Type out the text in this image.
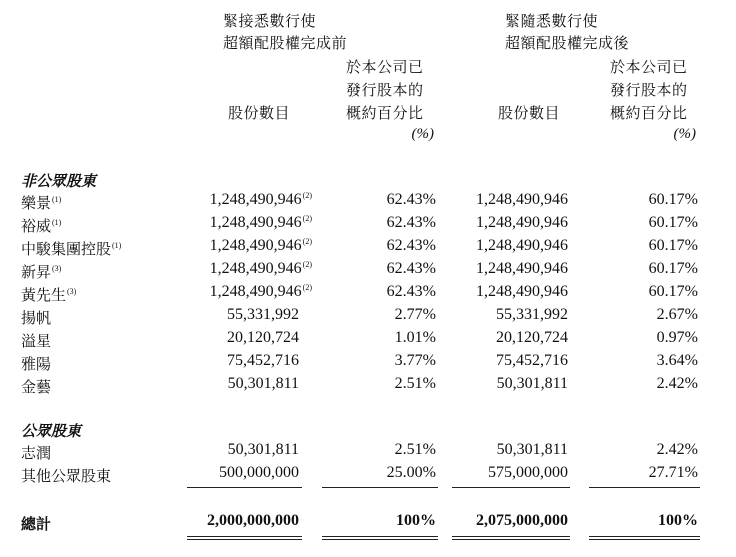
緊接悉數行使
超額配股權完成前
緊隨悉數行使
超額配股權完成後
於本公司已
發行股本的
概約百分比
(%)
股份數目
於本公司已
發行股本的
概約百分比
(%)
股份數目
非公眾股東
樂景$^{(1)}$	1,248,490,946$^{(2)}$	62.43%	1,248,490,946	60.17%
裕威$^{(1)}$	1,248,490,946$^{(2)}$	62.43%	1,248,490,946	60.17%
中駿集團控股$^{(1)}$	1,248,490,946$^{(2)}$	62.43%	1,248,490,946	60.17%
新昇$^{(3)}$	1,248,490,946$^{(2)}$	62.43%	1,248,490,946	60.17%
黃先生$^{(3)}$	1,248,490,946$^{(2)}$	62.43%	1,248,490,946	60.17%
揚帆	55,331,992	2.77%	55,331,992	2.67%
溢星	20,120,724	1.01%	20,120,724	0.97%
雅陽	75,452,716	3.77%	75,452,716	3.64%
金藝	50,301,811	2.51%	50,301,811	2.42%
公眾股東
志潤	50,301,811	2.51%	50,301,811	2.42%
其他公眾股東	500,000,000	25.00%	575,000,000	27.71%
總計	2,000,000,000	100%	2,075,000,000	100%
